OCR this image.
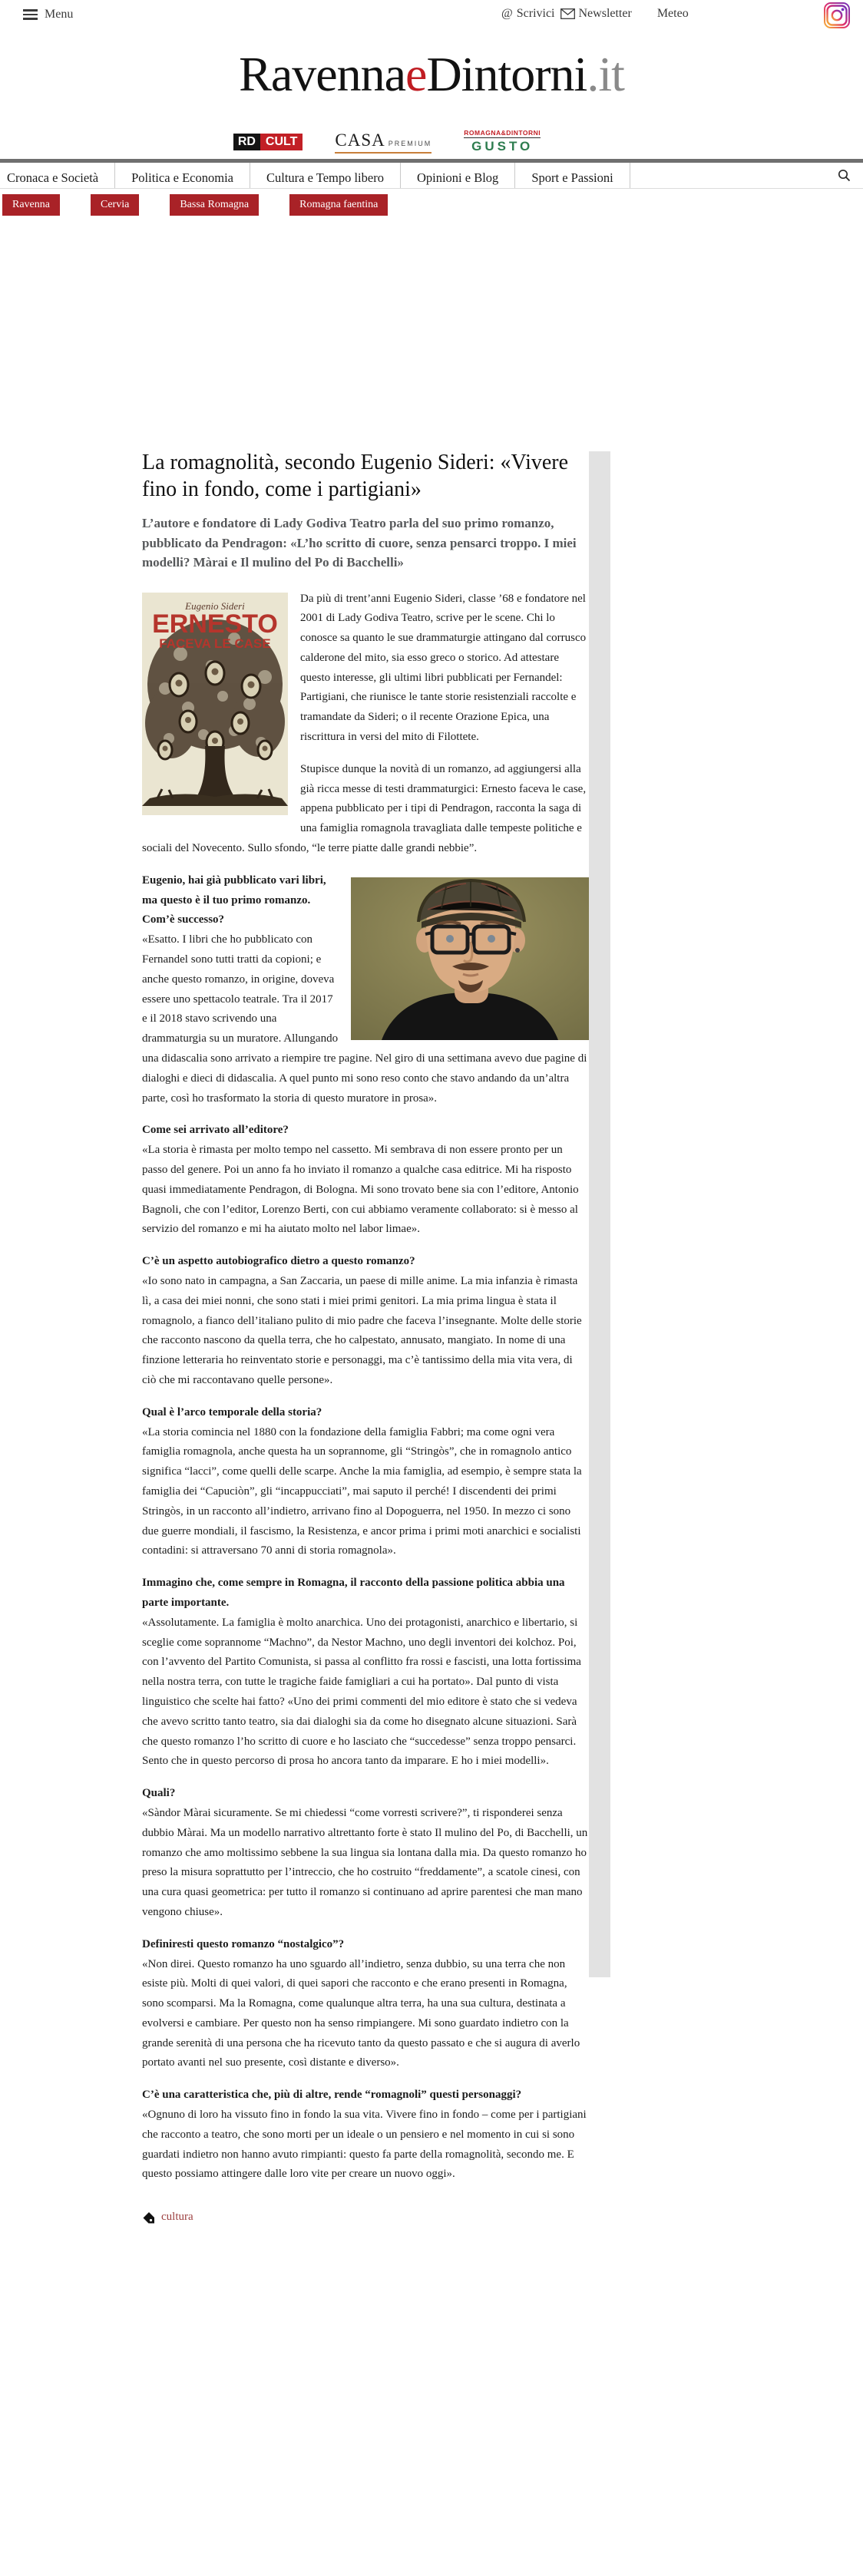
Menu	@ Scrivici Newsletter Meteo
RavennaeDintorni.it
RD CULT	CASA PREMIUM
ROMAGNA&DINTORNI
GUSTO
Cronaca e Società	Politica e Economia	Cultura e Tempo libero	Opinioni e Blog	Sport e Passioni
Ravenna	Cervia	Bassa Romagna	Romagna faentina
La romagnolità, secondo Eugenio Sideri: «Vivere fino in fondo, come i partigiani»

L’autore e fondatore di Lady Godiva Teatro parla del suo primo romanzo, pubblicato da Pendragon: «L’ho scritto di cuore, senza pensarci troppo. I miei modelli? Màrai e Il mulino del Po di Bacchelli»

Eugenio Sideri
ERNESTO
FACEVA LE CASE

Da più di trent’anni Eugenio Sideri, classe ’68 e fondatore nel 2001 di Lady Godiva Teatro, scrive per le scene. Chi lo conosce sa quanto le sue drammaturgie attingano dal corrusco calderone del mito, sia esso greco o storico. Ad attestare questo interesse, gli ultimi libri pubblicati per Fernandel: Partigiani, che riunisce le tante storie resistenziali raccolte e tramandate da Sideri; o il recente Orazione Epica, una riscrittura in versi del mito di Filottete.

Stupisce dunque la novità di un romanzo, ad aggiungersi alla già ricca messe di testi drammaturgici: Ernesto faceva le case, appena pubblicato per i tipi di Pendragon, racconta la saga di una famiglia romagnola travagliata dalle tempeste politiche e sociali del Novecento. Sullo sfondo, “le terre piatte dalle grandi nebbie”.

Eugenio, hai già pubblicato vari libri, ma questo è il tuo primo romanzo. Com’è successo?

«Esatto. I libri che ho pubblicato con Fernandel sono tutti tratti da copioni; e anche questo romanzo, in origine, doveva essere uno spettacolo teatrale. Tra il 2017 e il 2018 stavo scrivendo una drammaturgia su un muratore. Allungando una didascalia sono arrivato a riempire tre pagine. Nel giro di una settimana avevo due pagine di dialoghi e dieci di didascalia. A quel punto mi sono reso conto che stavo andando da un’altra parte, così ho trasformato la storia di questo muratore in prosa».

Come sei arrivato all’editore?

«La storia è rimasta per molto tempo nel cassetto. Mi sembrava di non essere pronto per un passo del genere. Poi un anno fa ho inviato il romanzo a qualche casa editrice. Mi ha risposto quasi immediatamente Pendragon, di Bologna. Mi sono trovato bene sia con l’editore, Antonio Bagnoli, che con l’editor, Lorenzo Berti, con cui abbiamo veramente collaborato: si è messo al servizio del romanzo e mi ha aiutato molto nel labor limae».

C’è un aspetto autobiografico dietro a questo romanzo?

«Io sono nato in campagna, a San Zaccaria, un paese di mille anime. La mia infanzia è rimasta lì, a casa dei miei nonni, che sono stati i miei primi genitori. La mia prima lingua è stata il romagnolo, a fianco dell’italiano pulito di mio padre che faceva l’insegnante. Molte delle storie che racconto nascono da quella terra, che ho calpestato, annusato, mangiato. In nome di una finzione letteraria ho reinventato storie e personaggi, ma c’è tantissimo della mia vita vera, di ciò che mi raccontavano quelle persone».

Qual è l’arco temporale della storia?

«La storia comincia nel 1880 con la fondazione della famiglia Fabbri; ma come ogni vera famiglia romagnola, anche questa ha un soprannome, gli “Stringòs”, che in romagnolo antico significa “lacci”, come quelli delle scarpe. Anche la mia famiglia, ad esempio, è sempre stata la famiglia dei “Capuciòn”, gli “incappucciati”, mai saputo il perché! I discendenti dei primi Stringòs, in un racconto all’indietro, arrivano fino al Dopoguerra, nel 1950. In mezzo ci sono due guerre mondiali, il fascismo, la Resistenza, e ancor prima i primi moti anarchici e socialisti contadini: si attraversano 70 anni di storia romagnola».

Immagino che, come sempre in Romagna, il racconto della passione politica abbia una parte importante.

«Assolutamente. La famiglia è molto anarchica. Uno dei protagonisti, anarchico e libertario, si sceglie come soprannome “Machno”, da Nestor Machno, uno degli inventori dei kolchoz. Poi, con l’avvento del Partito Comunista, si passa al conflitto fra rossi e fascisti, una lotta fortissima nella nostra terra, con tutte le tragiche faide famigliari a cui ha portato». Dal punto di vista linguistico che scelte hai fatto? «Uno dei primi commenti del mio editore è stato che si vedeva che avevo scritto tanto teatro, sia dai dialoghi sia da come ho disegnato alcune situazioni. Sarà che questo romanzo l’ho scritto di cuore e ho lasciato che “succedesse” senza troppo pensarci. Sento che in questo percorso di prosa ho ancora tanto da imparare. E ho i miei modelli».

Quali?

«Sàndor Màrai sicuramente. Se mi chiedessi “come vorresti scrivere?”, ti risponderei senza dubbio Màrai. Ma un modello narrativo altrettanto forte è stato Il mulino del Po, di Bacchelli, un romanzo che amo moltissimo sebbene la sua lingua sia lontana dalla mia. Da questo romanzo ho preso la misura soprattutto per l’intreccio, che ho costruito “freddamente”, a scatole cinesi, con una cura quasi geometrica: per tutto il romanzo si continuano ad aprire parentesi che man mano vengono chiuse».

Definiresti questo romanzo “nostalgico”?

«Non direi. Questo romanzo ha uno sguardo all’indietro, senza dubbio, su una terra che non esiste più. Molti di quei valori, di quei sapori che racconto e che erano presenti in Romagna, sono scomparsi. Ma la Romagna, come qualunque altra terra, ha una sua cultura, destinata a evolversi e cambiare. Per questo non ha senso rimpiangere. Mi sono guardato indietro con la grande serenità di una persona che ha ricevuto tanto da questo passato e che si augura di averlo portato avanti nel suo presente, così distante e diverso».

C’è una caratteristica che, più di altre, rende “romagnoli” questi personaggi?

«Ognuno di loro ha vissuto fino in fondo la sua vita. Vivere fino in fondo – come per i partigiani che racconto a teatro, che sono morti per un ideale o un pensiero e nel momento in cui si sono guardati indietro non hanno avuto rimpianti: questo fa parte della romagnolità, secondo me. E questo possiamo attingere dalle loro vite per creare un nuovo oggi».

cultura
